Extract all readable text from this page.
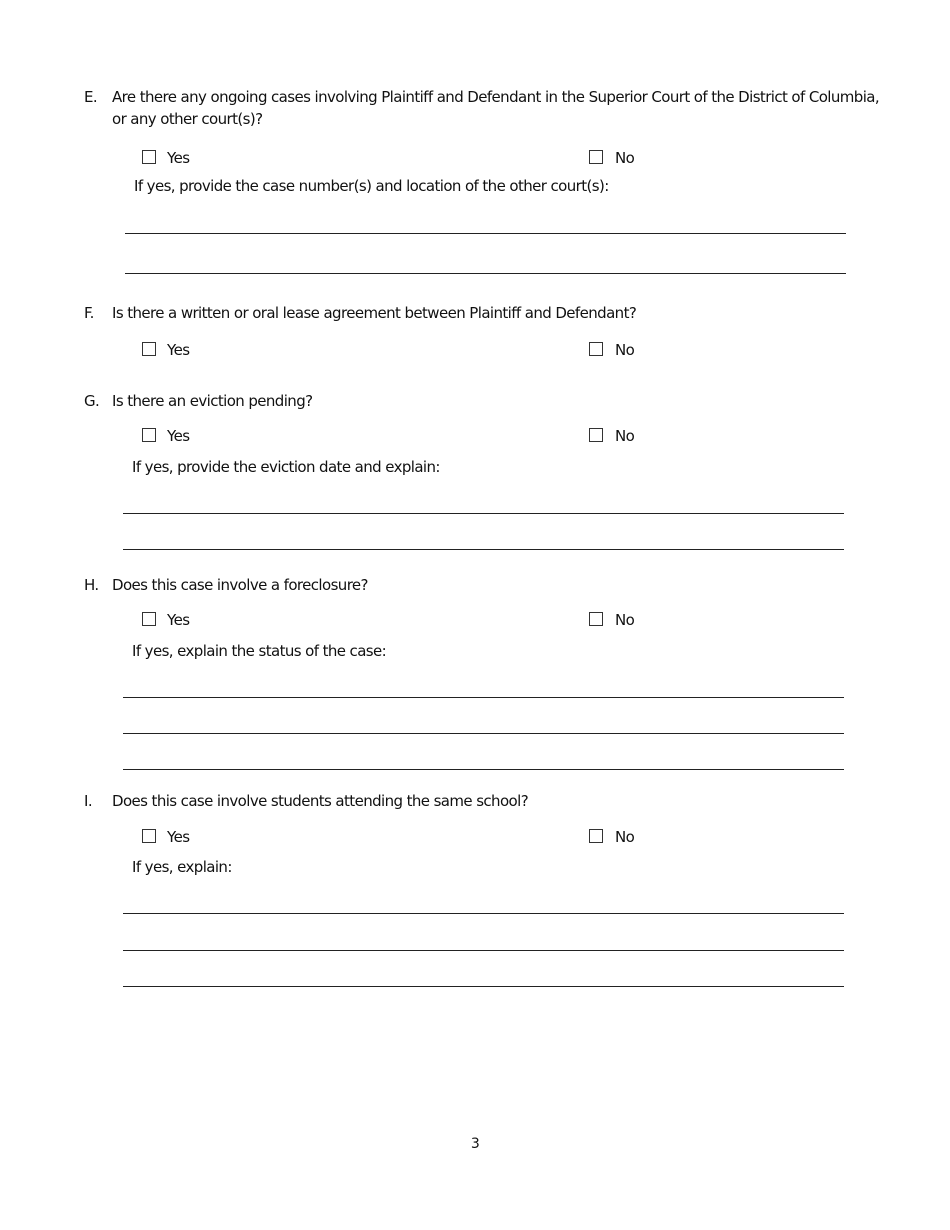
E. Are there any ongoing cases involving Plaintiff and Defendant in the Superior Court of the District of Columbia,
or any other court(s)?
Yes	No
If yes, provide the case number(s) and location of the other court(s):
F. Is there a written or oral lease agreement between Plaintiff and Defendant?
Yes	No
G. Is there an eviction pending?
Yes	No
If yes, provide the eviction date and explain:
H. Does this case involve a foreclosure?
Yes	No
If yes, explain the status of the case:
I. Does this case involve students attending the same school?
Yes	No
If yes, explain:
3
